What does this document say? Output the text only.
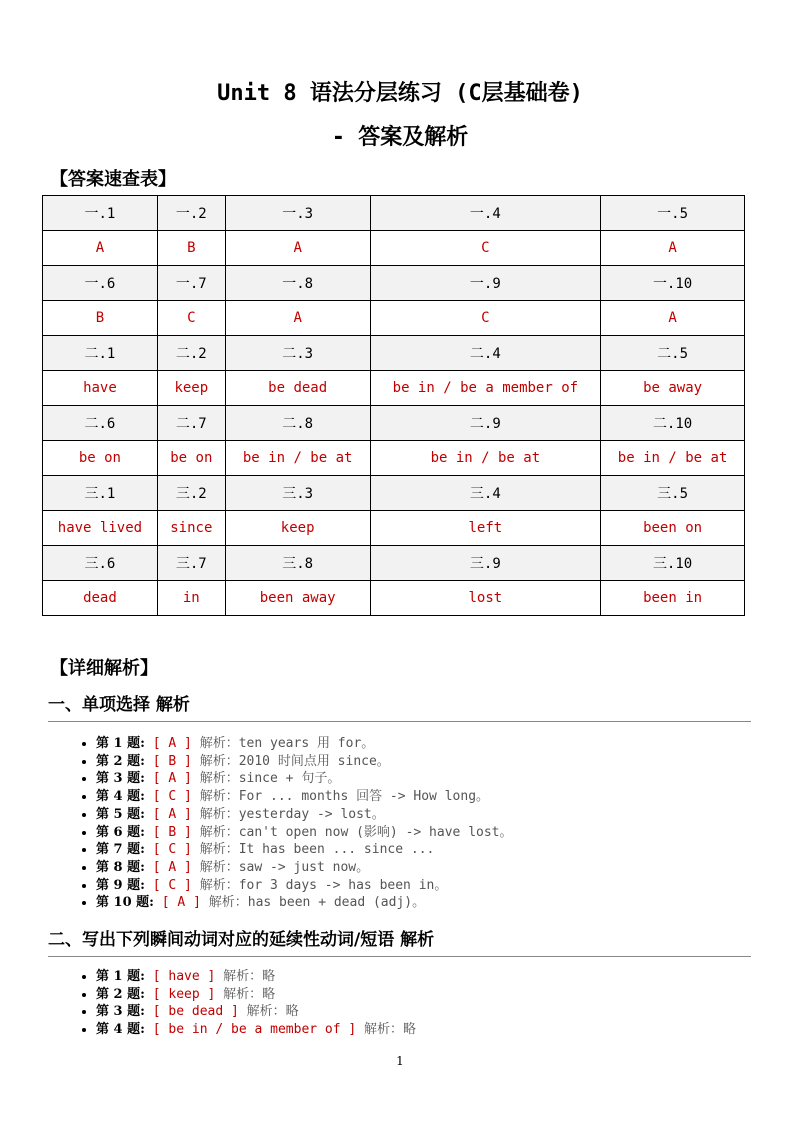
Unit 8 语法分层练习 (C层基础卷)
- 答案及解析
【答案速查表】
一.1	一.2	一.3	一.4	一.5
A	B	A	C	A
一.6	一.7	一.8	一.9	一.10
B	C	A	C	A
二.1	二.2	二.3	二.4	二.5
have	keep	be dead	be in / be a member of	be away
二.6	二.7	二.8	二.9	二.10
be on	be on	be in / be at	be in / be at	be in / be at
三.1	三.2	三.3	三.4	三.5
have lived	since	keep	left	been on
三.6	三.7	三.8	三.9	三.10
dead	in	been away	lost	been in
【详细解析】
一、单项选择 解析
• 第 1 题: [ A ] 解析：ten years 用 for。
• 第 2 题: [ B ] 解析：2010 时间点用 since。
• 第 3 题: [ A ] 解析：since + 句子。
• 第 4 题: [ C ] 解析：For ... months 回答 -> How long。
• 第 5 题: [ A ] 解析：yesterday -> lost。
• 第 6 题: [ B ] 解析：can't open now (影响) -> have lost。
• 第 7 题: [ C ] 解析：It has been ... since ...
• 第 8 题: [ A ] 解析：saw -> just now。
• 第 9 题: [ C ] 解析：for 3 days -> has been in。
• 第 10 题: [ A ] 解析：has been + dead (adj)。
二、写出下列瞬间动词对应的延续性动词/短语 解析
• 第 1 题: [ have ] 解析：略
• 第 2 题: [ keep ] 解析：略
• 第 3 题: [ be dead ] 解析：略
• 第 4 题: [ be in / be a member of ] 解析：略
1
